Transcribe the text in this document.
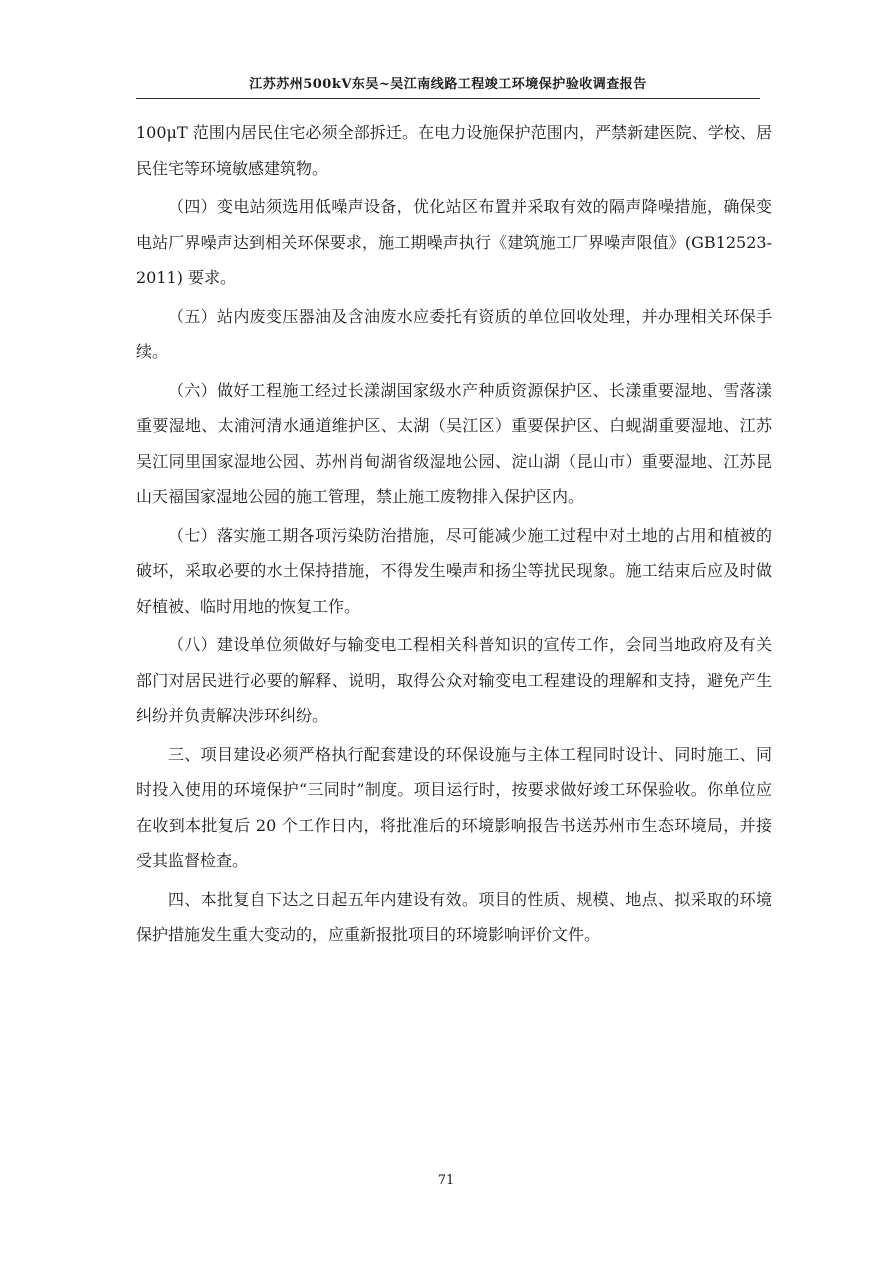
江苏苏州500kV东吴~吴江南线路工程竣工环境保护验收调查报告

100μT 范围内居民住宅必须全部拆迁。在电力设施保护范围内，严禁新建医院、学校、居民住宅等环境敏感建筑物。

（四）变电站须选用低噪声设备，优化站区布置并采取有效的隔声降噪措施，确保变电站厂界噪声达到相关环保要求，施工期噪声执行《建筑施工厂界噪声限值》(GB12523-2011) 要求。

（五）站内废变压器油及含油废水应委托有资质的单位回收处理，并办理相关环保手续。

（六）做好工程施工经过长漾湖国家级水产种质资源保护区、长漾重要湿地、雪落漾重要湿地、太浦河清水通道维护区、太湖（吴江区）重要保护区、白蚬湖重要湿地、江苏吴江同里国家湿地公园、苏州肖甸湖省级湿地公园、淀山湖（昆山市）重要湿地、江苏昆山天福国家湿地公园的施工管理，禁止施工废物排入保护区内。

（七）落实施工期各项污染防治措施，尽可能减少施工过程中对土地的占用和植被的破坏，采取必要的水土保持措施，不得发生噪声和扬尘等扰民现象。施工结束后应及时做好植被、临时用地的恢复工作。

（八）建设单位须做好与输变电工程相关科普知识的宣传工作，会同当地政府及有关部门对居民进行必要的解释、说明，取得公众对输变电工程建设的理解和支持，避免产生纠纷并负责解决涉环纠纷。

三、项目建设必须严格执行配套建设的环保设施与主体工程同时设计、同时施工、同时投入使用的环境保护“三同时”制度。项目运行时，按要求做好竣工环保验收。你单位应在收到本批复后 20 个工作日内，将批准后的环境影响报告书送苏州市生态环境局，并接受其监督检查。

四、本批复自下达之日起五年内建设有效。项目的性质、规模、地点、拟采取的环境保护措施发生重大变动的，应重新报批项目的环境影响评价文件。

71
